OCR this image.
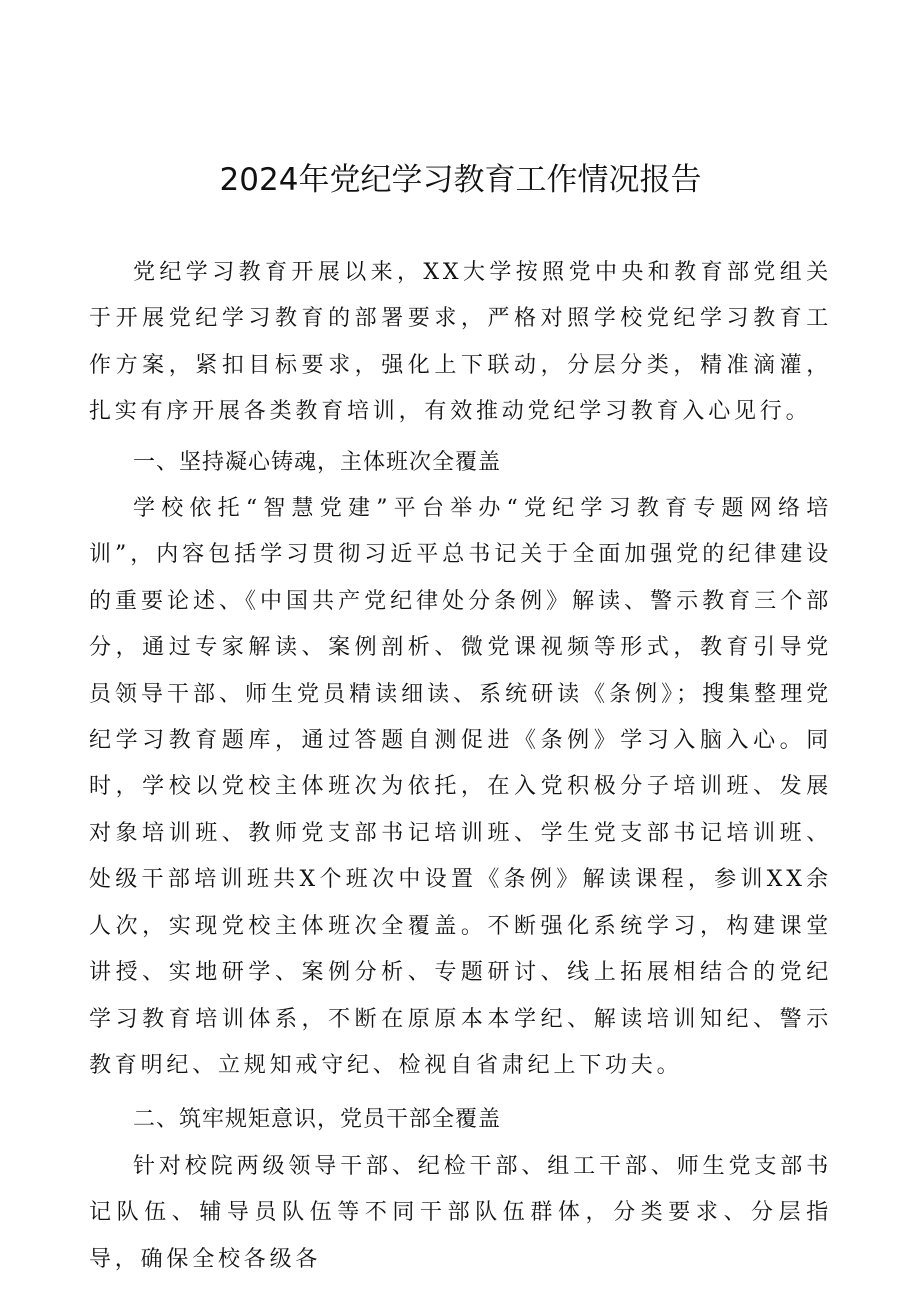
2024年党纪学习教育工作情况报告

党纪学习教育开展以来，XX大学按照党中央和教育部党组关于开展党纪学习教育的部署要求，严格对照学校党纪学习教育工作方案，紧扣目标要求，强化上下联动，分层分类，精准滴灌，扎实有序开展各类教育培训，有效推动党纪学习教育入心见行。

一、坚持凝心铸魂，主体班次全覆盖

学校依托“智慧党建”平台举办“党纪学习教育专题网络培训”，内容包括学习贯彻习近平总书记关于全面加强党的纪律建设的重要论述、《中国共产党纪律处分条例》解读、警示教育三个部分，通过专家解读、案例剖析、微党课视频等形式，教育引导党员领导干部、师生党员精读细读、系统研读《条例》；搜集整理党纪学习教育题库，通过答题自测促进《条例》学习入脑入心。同时，学校以党校主体班次为依托，在入党积极分子培训班、发展对象培训班、教师党支部书记培训班、学生党支部书记培训班、处级干部培训班共X个班次中设置《条例》解读课程，参训XX余人次，实现党校主体班次全覆盖。不断强化系统学习，构建课堂讲授、实地研学、案例分析、专题研讨、线上拓展相结合的党纪学习教育培训体系，不断在原原本本学纪、解读培训知纪、警示教育明纪、立规知戒守纪、检视自省肃纪上下功夫。

二、筑牢规矩意识，党员干部全覆盖

针对校院两级领导干部、纪检干部、组工干部、师生党支部书记队伍、辅导员队伍等不同干部队伍群体，分类要求、分层指导，确保全校各级各
